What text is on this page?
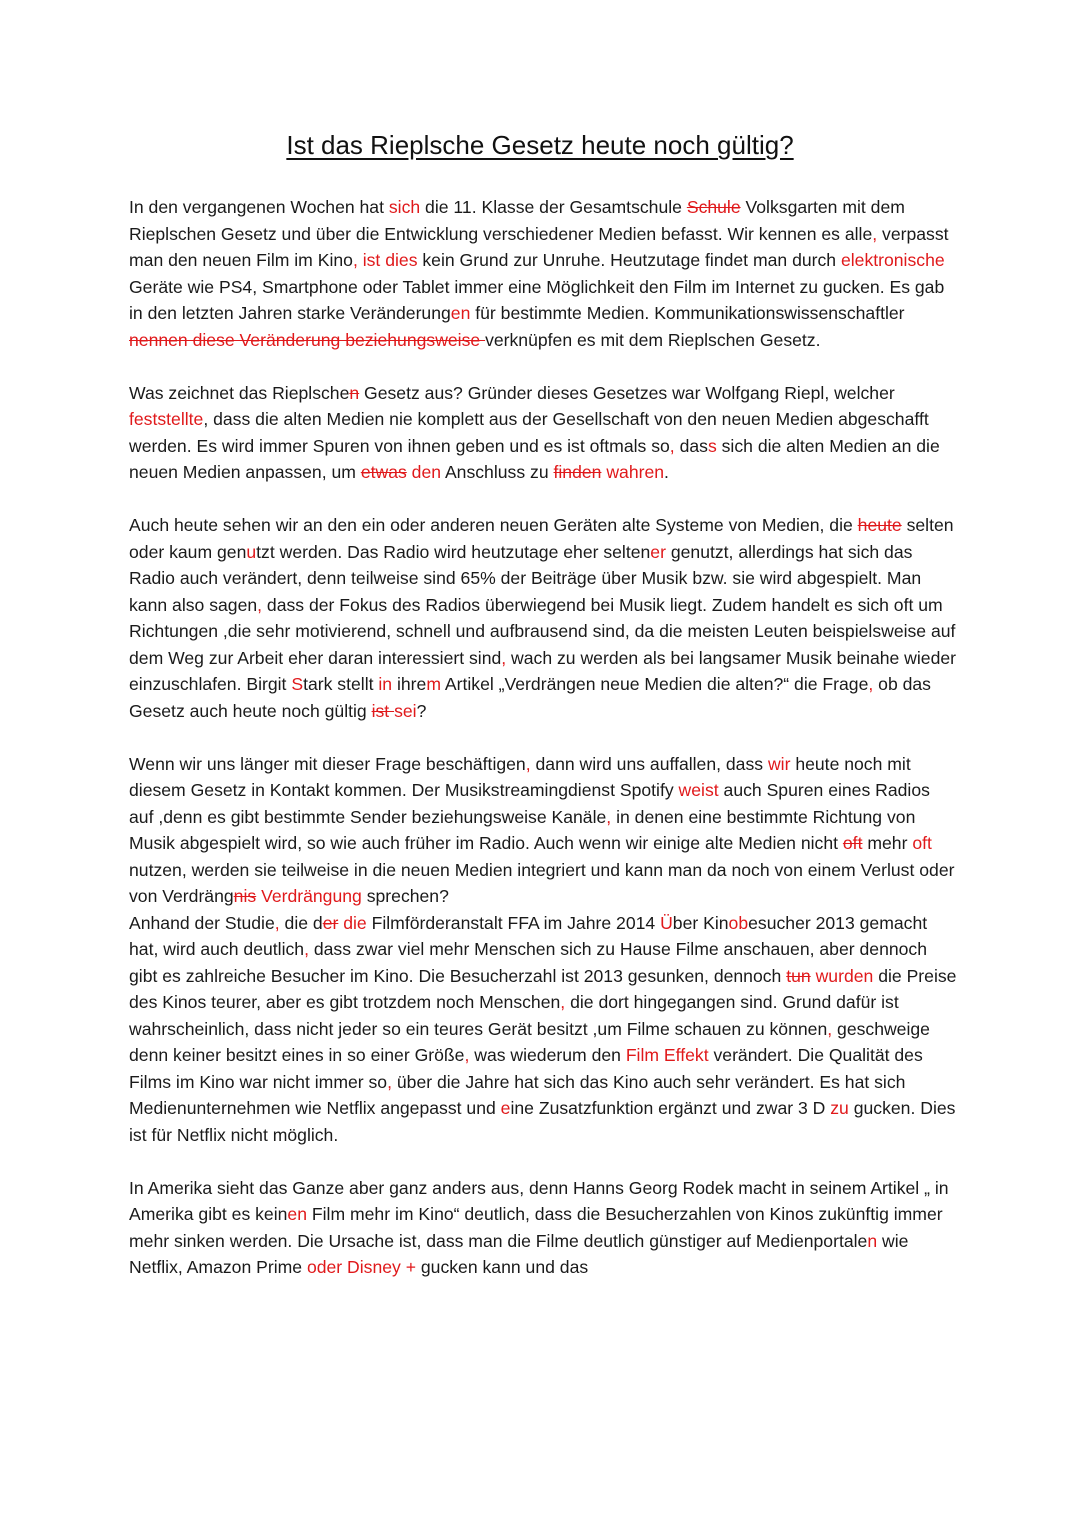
Ist das Rieplsche Gesetz heute noch gültig?

In den vergangenen Wochen hat sich die 11. Klasse der Gesamtschule Schule Volksgarten mit dem Rieplschen Gesetz und über die Entwicklung verschiedener Medien befasst. Wir kennen es alle, verpasst man den neuen Film im Kino, ist dies kein Grund zur Unruhe. Heutzutage findet man durch elektronische Geräte wie PS4, Smartphone oder Tablet immer eine Möglichkeit den Film im Internet zu gucken. Es gab in den letzten Jahren starke Veränderungen für bestimmte Medien. Kommunikationswissenschaftler nennen diese Veränderung beziehungsweise verknüpfen es mit dem Rieplschen Gesetz.

Was zeichnet das Rieplschen Gesetz aus? Gründer dieses Gesetzes war Wolfgang Riepl, welcher feststellte, dass die alten Medien nie komplett aus der Gesellschaft von den neuen Medien abgeschafft werden. Es wird immer Spuren von ihnen geben und es ist oftmals so, dass sich die alten Medien an die neuen Medien anpassen, um etwas den Anschluss zu finden wahren.

Auch heute sehen wir an den ein oder anderen neuen Geräten alte Systeme von Medien, die heute selten oder kaum genutzt werden. Das Radio wird heutzutage eher seltener genutzt, allerdings hat sich das Radio auch verändert, denn teilweise sind 65% der Beiträge über Musik bzw. sie wird abgespielt. Man kann also sagen, dass der Fokus des Radios überwiegend bei Musik liegt. Zudem handelt es sich oft um Richtungen ,die sehr motivierend, schnell und aufbrausend sind, da die meisten Leuten beispielsweise auf dem Weg zur Arbeit eher daran interessiert sind, wach zu werden als bei langsamer Musik beinahe wieder einzuschlafen. Birgit Stark stellt in ihrem Artikel „Verdrängen neue Medien die alten?“ die Frage, ob das Gesetz auch heute noch gültig ist sei?

Wenn wir uns länger mit dieser Frage beschäftigen, dann wird uns auffallen, dass wir heute noch mit diesem Gesetz in Kontakt kommen. Der Musikstreamingdienst Spotify weist auch Spuren eines Radios auf ,denn es gibt bestimmte Sender beziehungsweise Kanäle, in denen eine bestimmte Richtung von Musik abgespielt wird, so wie auch früher im Radio. Auch wenn wir einige alte Medien nicht oft mehr oft nutzen, werden sie teilweise in die neuen Medien integriert und kann man da noch von einem Verlust oder von Verdrängnis Verdrängung sprechen?

Anhand der Studie, die der die Filmförderanstalt FFA im Jahre 2014 Über Kinobesucher 2013 gemacht hat, wird auch deutlich, dass zwar viel mehr Menschen sich zu Hause Filme anschauen, aber dennoch gibt es zahlreiche Besucher im Kino. Die Besucherzahl ist 2013 gesunken, dennoch tun wurden die Preise des Kinos teurer, aber es gibt trotzdem noch Menschen, die dort hingegangen sind. Grund dafür ist wahrscheinlich, dass nicht jeder so ein teures Gerät besitzt ,um Filme schauen zu können, geschweige denn keiner besitzt eines in so einer Größe, was wiederum den Film Effekt verändert. Die Qualität des Films im Kino war nicht immer so, über die Jahre hat sich das Kino auch sehr verändert. Es hat sich Medienunternehmen wie Netflix angepasst und eine Zusatzfunktion ergänzt und zwar 3 D zu gucken. Dies ist für Netflix nicht möglich.

In Amerika sieht das Ganze aber ganz anders aus, denn Hanns Georg Rodek macht in seinem Artikel „ in Amerika gibt es keinen Film mehr im Kino“ deutlich, dass die Besucherzahlen von Kinos zukünftig immer mehr sinken werden. Die Ursache ist, dass man die Filme deutlich günstiger auf Medienportalen wie Netflix, Amazon Prime oder Disney + gucken kann und das
